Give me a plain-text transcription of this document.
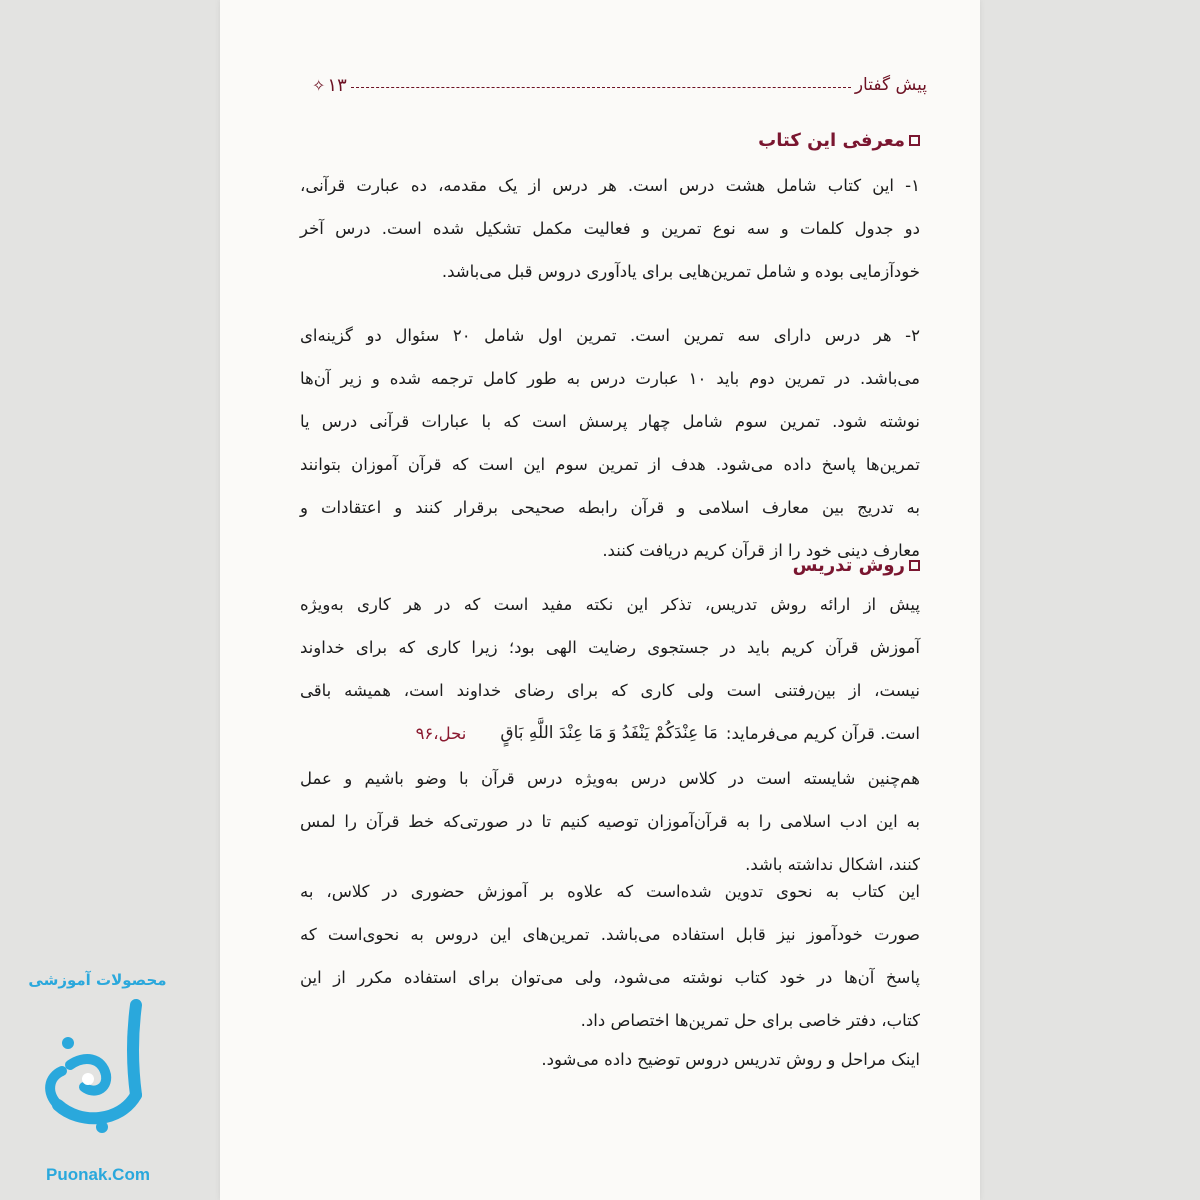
پیش گفتار
۱۳
✧
معرفی این کتاب
۱- این کتاب شامل هشت درس است. هر درس از یک مقدمه، ده عبارت قرآنی،
دو جدول کلمات و سه نوع تمرین و فعالیت مکمل تشکیل شده است. درس آخر
خودآزمایی بوده و شامل تمرین‌هایی برای یادآوری دروس قبل می‌باشد.
۲- هر درس دارای سه تمرین است. تمرین اول شامل ۲۰ سئوال دو گزینه‌ای
می‌باشد. در تمرین دوم باید ۱۰ عبارت درس به طور کامل ترجمه شده و زیر آن‌ها
نوشته شود. تمرین سوم شامل چهار پرسش است که با عبارات قرآنی درس یا
تمرین‌ها پاسخ داده می‌شود. هدف از تمرین سوم این است که قرآن آموزان بتوانند
به تدریج بین معارف اسلامی و قرآن رابطه صحیحی برقرار کنند و اعتقادات و
معارف دینی خود را از قرآن کریم دریافت کنند.
روش تدریس
پیش از ارائه روش تدریس، تذکر این نکته مفید است که در هر کاری به‌ویژه
آموزش قرآن کریم باید در جستجوی رضایت الهی بود؛ زیرا کاری که برای خداوند
نیست، از بین‌رفتنی است ولی کاری که برای رضای خداوند است، همیشه باقی
است. قرآن کریم می‌فرماید:
مَا عِنْدَكُمْ يَنْفَدُ وَ مَا عِنْدَ اللَّهِ بَاقٍ
نحل،۹۶
هم‌چنین شایسته است در کلاس درس به‌ویژه درس قرآن با وضو باشیم و عمل
به این ادب اسلامی را به قرآن‌آموزان توصیه کنیم تا در صورتی‌که خط قرآن را لمس
کنند، اشکال نداشته باشد.
این کتاب به نحوی تدوین شده‌است که علاوه بر آموزش حضوری در کلاس، به
صورت خودآموز نیز قابل استفاده می‌باشد. تمرین‌های این دروس به نحوی‌است که
پاسخ آن‌ها در خود کتاب نوشته می‌شود، ولی می‌توان برای استفاده مکرر از این
کتاب، دفتر خاصی برای حل تمرین‌ها اختصاص داد.
اینک مراحل و روش تدریس دروس توضیح داده می‌شود.
محصولات آموزشی
Puonak.Com
